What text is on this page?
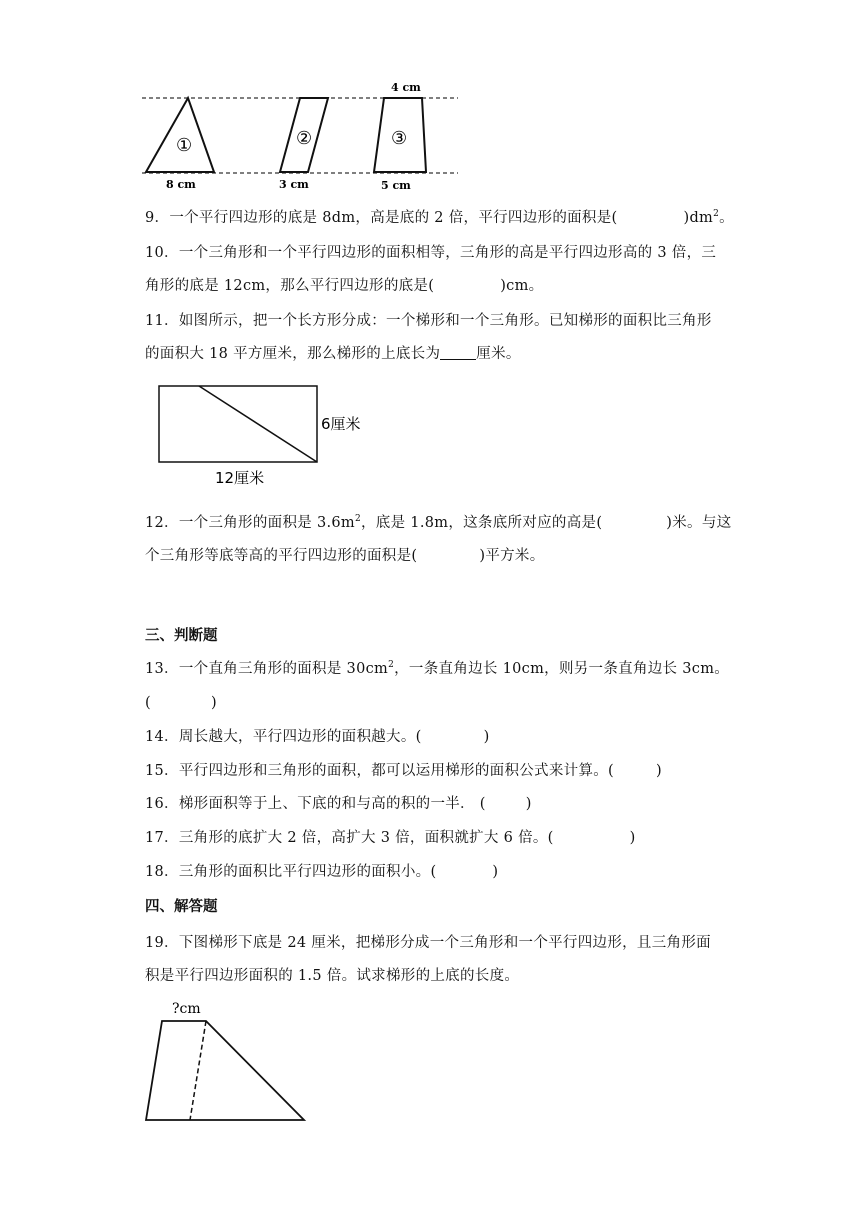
①	②	③
4 cm
8 cm	3 cm	5 cm
9．一个平行四边形的底是 8dm，高是底的 2 倍，平行四边形的面积是(	)$dm^2$。
10．一个三角形和一个平行四边形的面积相等，三角形的高是平行四边形高的 3 倍，三
角形的底是 12cm，那么平行四边形的底是(	)cm。
11．如图所示，把一个长方形分成：一个梯形和一个三角形。已知梯形的面积比三角形
的面积大 18 平方厘米，那么梯形的上底长为 厘米。
6厘米
12厘米
12．一个三角形的面积是 $3.6m^2$，底是 1.8m，这条底所对应的高是(	)米。与这
个三角形等底等高的平行四边形的面积是(	)平方米。
三、判断题
13．一个直角三角形的面积是 $30cm^2$，一条直角边长 10cm，则另一条直角边长 3cm。
(	)
14．周长越大，平行四边形的面积越大。(	)
15．平行四边形和三角形的面积，都可以运用梯形的面积公式来计算。(	)
16．梯形面积等于上、下底的和与高的积的一半． (	)
17．三角形的底扩大 2 倍，高扩大 3 倍，面积就扩大 6 倍。(	)
18．三角形的面积比平行四边形的面积小。(	)
四、解答题
19．下图梯形下底是 24 厘米，把梯形分成一个三角形和一个平行四边形，且三角形面
积是平行四边形面积的 1.5 倍。试求梯形的上底的长度。
?cm
